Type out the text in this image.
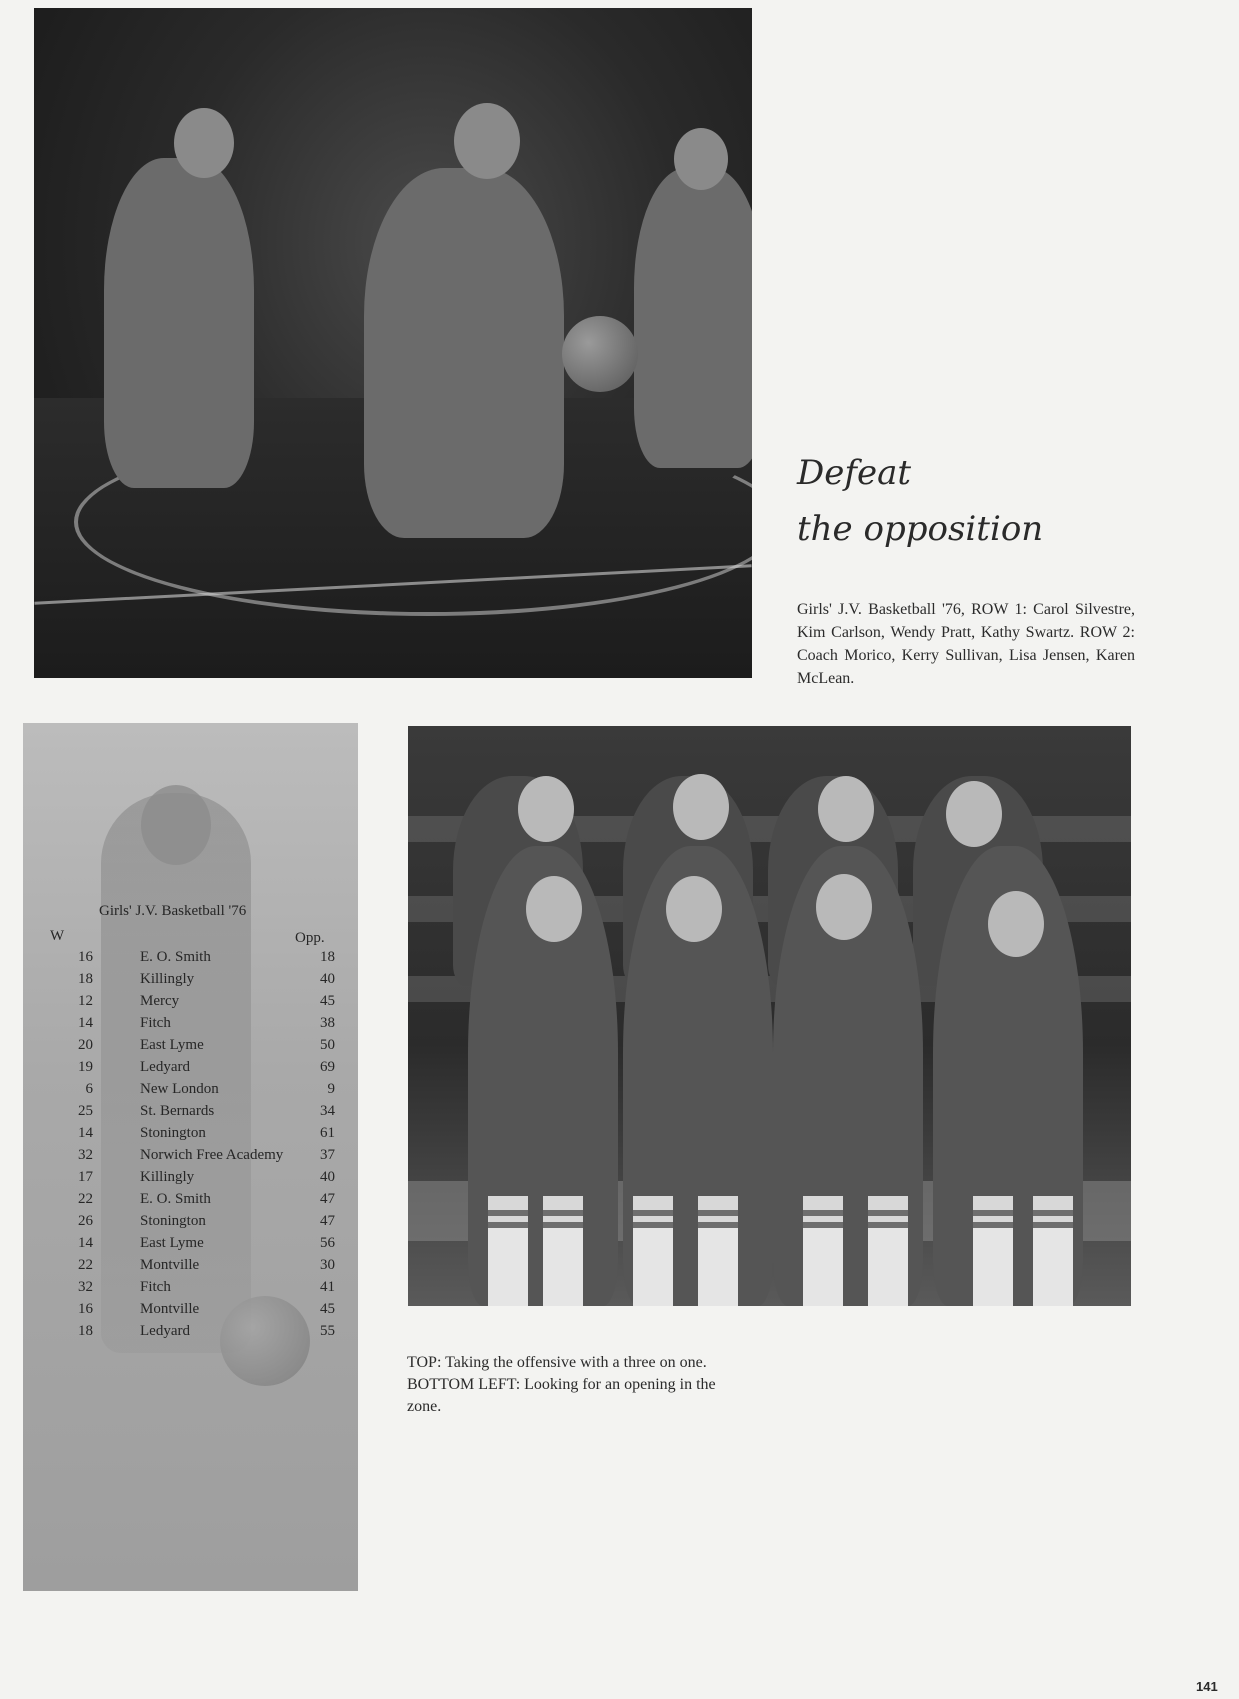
Defeat
the opposition
Girls' J.V. Basketball '76, ROW 1: Carol Silvestre, Kim Carlson, Wendy Pratt, Kathy Swartz. ROW 2: Coach Morico, Kerry Sullivan, Lisa Jensen, Karen McLean.
Girls' J.V. Basketball '76
W	Opp.
16	E. O. Smith	18
18	Killingly	40
12	Mercy	45
14	Fitch	38
20	East Lyme	50
19	Ledyard	69
6	New London	9
25	St. Bernards	34
14	Stonington	61
32	Norwich Free Academy 37
17	Killingly	40
22	E. O. Smith	47
26	Stonington	47
14	East Lyme	56
22	Montville	30
32	Fitch	41
16	Montville	45
18	Ledyard	55
TOP: Taking the offensive with a three on one.
BOTTOM LEFT: Looking for an opening in the zone.
141
